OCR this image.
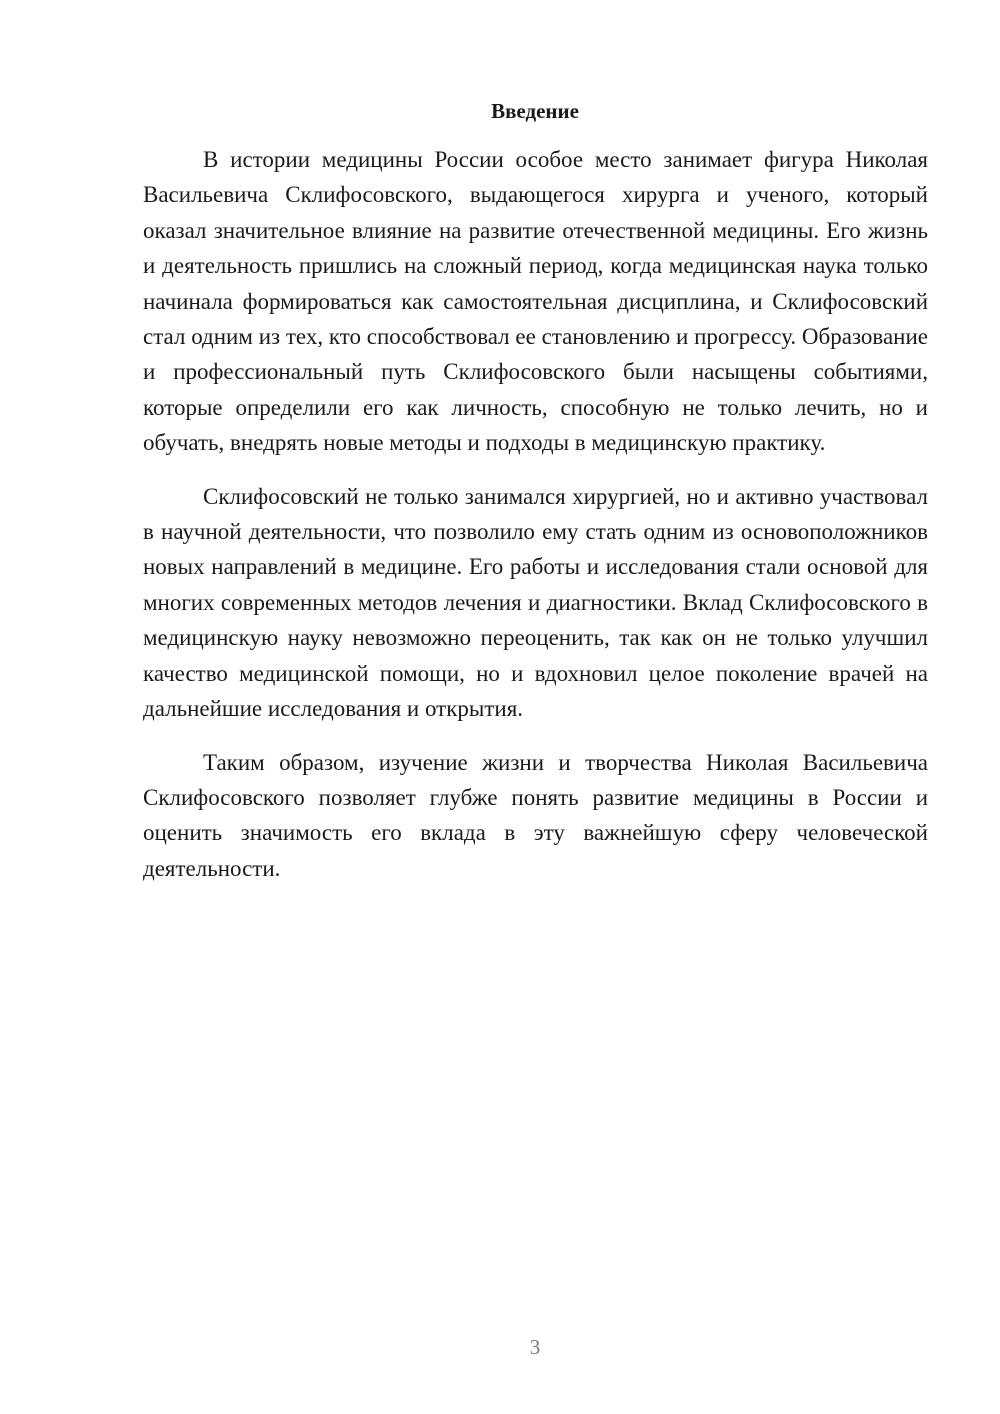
Введение

В истории медицины России особое место занимает фигура Николая Васильевича Склифосовского, выдающегося хирурга и ученого, который оказал значительное влияние на развитие отечественной медицины. Его жизнь и деятельность пришлись на сложный период, когда медицинская наука только начинала формироваться как самостоятельная дисциплина, и Склифосовский стал одним из тех, кто способствовал ее становлению и прогрессу. Образование и профессиональный путь Склифосовского были насыщены событиями, которые определили его как личность, способную не только лечить, но и обучать, внедрять новые методы и подходы в медицинскую практику.

Склифосовский не только занимался хирургией, но и активно участвовал в научной деятельности, что позволило ему стать одним из основоположников новых направлений в медицине. Его работы и исследования стали основой для многих современных методов лечения и диагностики. Вклад Склифосовского в медицинскую науку невозможно переоценить, так как он не только улучшил качество медицинской помощи, но и вдохновил целое поколение врачей на дальнейшие исследования и открытия.

Таким образом, изучение жизни и творчества Николая Васильевича Склифосовского позволяет глубже понять развитие медицины в России и оценить значимость его вклада в эту важнейшую сферу человеческой деятельности.

3
